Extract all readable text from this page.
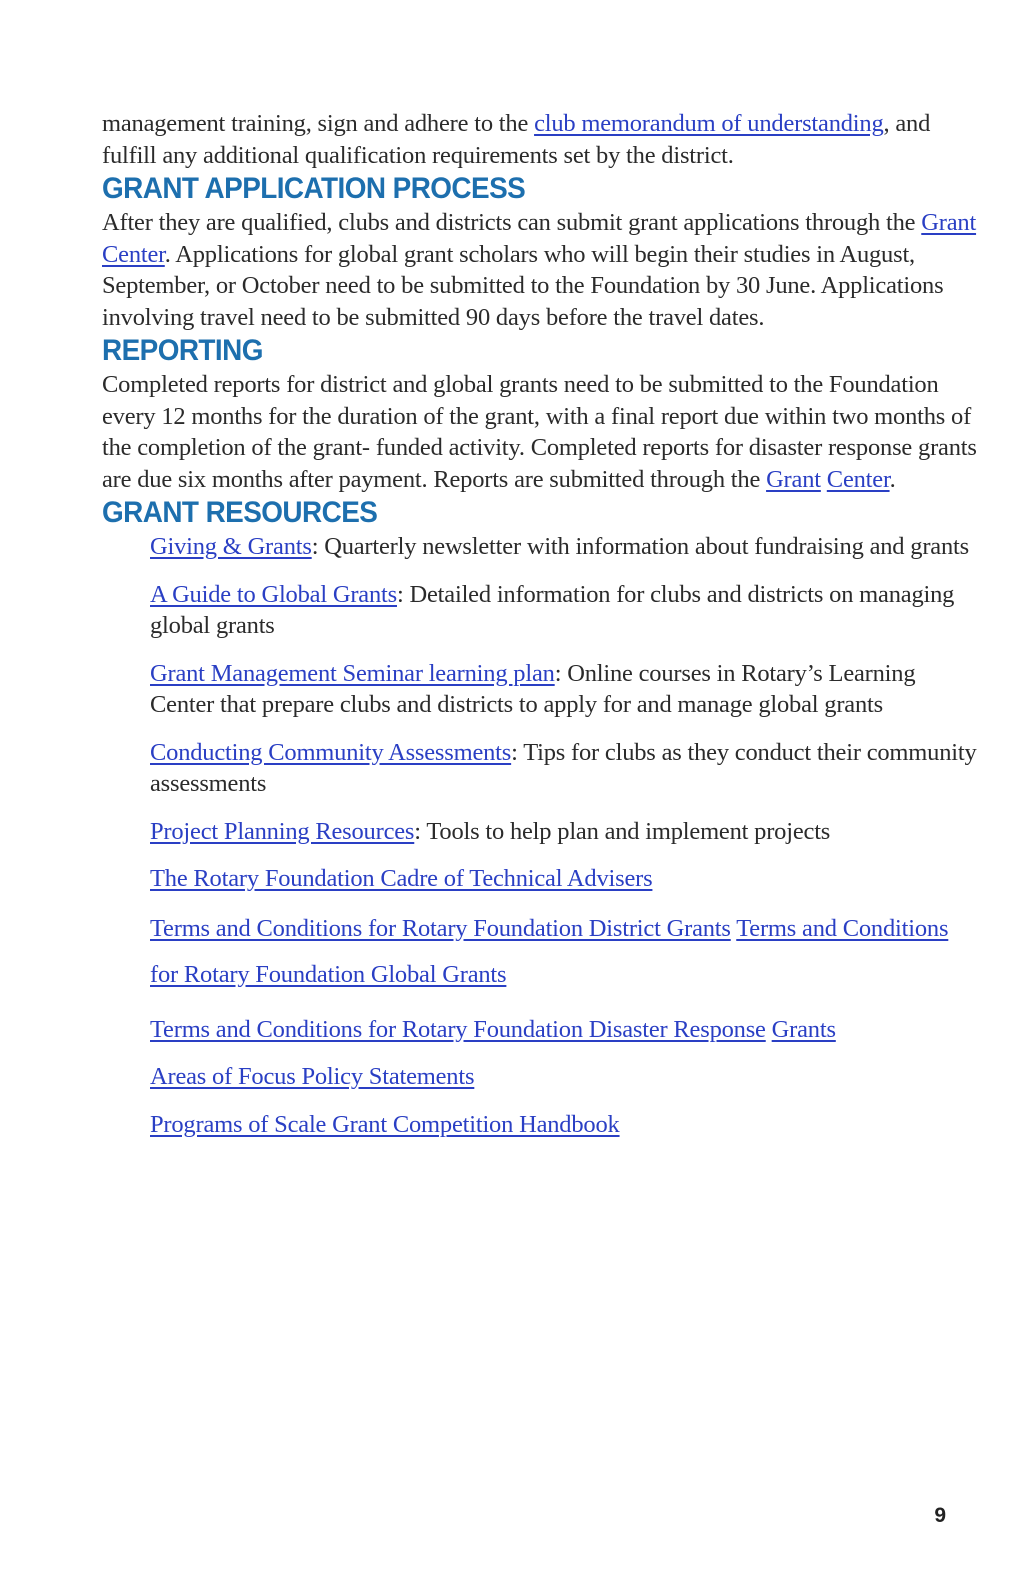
management training, sign and adhere to the club memorandum of understanding, and fulfill any additional qualification requirements set by the district.

GRANT APPLICATION PROCESS

After they are qualified, clubs and districts can submit grant applications through the Grant Center. Applications for global grant scholars who will begin their studies in August, September, or October need to be submitted to the Foundation by 30 June. Applications involving travel need to be submitted 90 days before the travel dates.

REPORTING

Completed reports for district and global grants need to be submitted to the Foundation every 12 months for the duration of the grant, with a final report due within two months of the completion of the grant- funded activity. Completed reports for disaster response grants are due six months after payment. Reports are submitted through the Grant Center.

GRANT RESOURCES
Giving & Grants: Quarterly newsletter with information about fundraising and grants
A Guide to Global Grants: Detailed information for clubs and districts on managing global grants
Grant Management Seminar learning plan: Online courses in Rotary’s Learning Center that prepare clubs and districts to apply for and manage global grants
Conducting Community Assessments: Tips for clubs as they conduct their community assessments
Project Planning Resources: Tools to help plan and implement projects
The Rotary Foundation Cadre of Technical Advisers
Terms and Conditions for Rotary Foundation District Grants Terms and Conditions for Rotary Foundation Global Grants
Terms and Conditions for Rotary Foundation Disaster Response Grants
Areas of Focus Policy Statements
Programs of Scale Grant Competition Handbook
9
